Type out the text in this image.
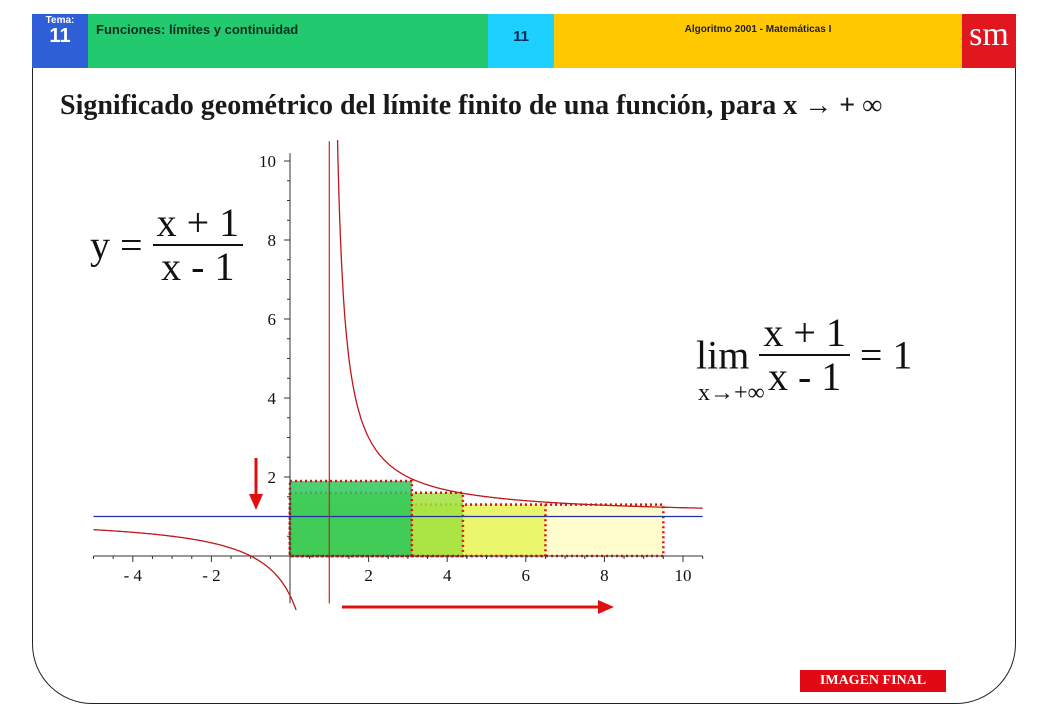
Tema:
11	Funciones: límites y continuidad	11	Algoritmo 2001 - Matemáticas I	sm
Significado geométrico del límite finito de una función, para x → + ∞
- 4	- 2	2	4	6	8	10
2
4
6
8
10
$y = \frac{x + 1}{x - 1}$
$\lim \frac{x + 1}{x - 1} = 1$
x→+∞
IMAGEN FINAL
